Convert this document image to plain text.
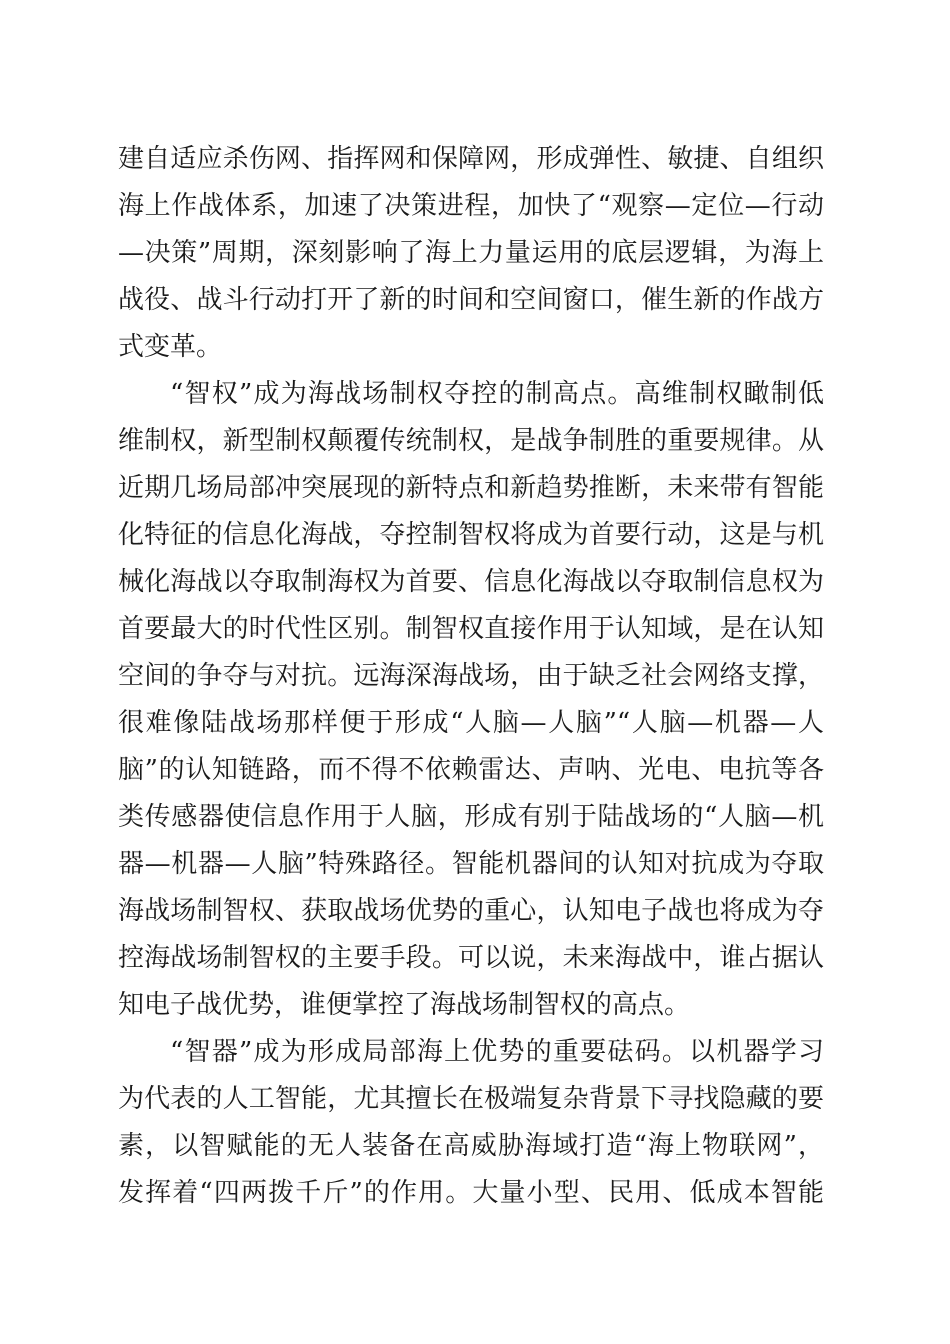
建自适应杀伤网、指挥网和保障网，形成弹性、敏捷、自组织
海上作战体系，加速了决策进程，加快了“观察—定位—行动
—决策”周期，深刻影响了海上力量运用的底层逻辑，为海上
战役、战斗行动打开了新的时间和空间窗口，催生新的作战方
式变革。
“智权”成为海战场制权夺控的制高点。高维制权瞰制低
维制权，新型制权颠覆传统制权，是战争制胜的重要规律。从
近期几场局部冲突展现的新特点和新趋势推断，未来带有智能
化特征的信息化海战，夺控制智权将成为首要行动，这是与机
械化海战以夺取制海权为首要、信息化海战以夺取制信息权为
首要最大的时代性区别。制智权直接作用于认知域，是在认知
空间的争夺与对抗。远海深海战场，由于缺乏社会网络支撑，
很难像陆战场那样便于形成“人脑—人脑”“人脑—机器—人
脑”的认知链路，而不得不依赖雷达、声呐、光电、电抗等各
类传感器使信息作用于人脑，形成有别于陆战场的“人脑—机
器—机器—人脑”特殊路径。智能机器间的认知对抗成为夺取
海战场制智权、获取战场优势的重心，认知电子战也将成为夺
控海战场制智权的主要手段。可以说，未来海战中，谁占据认
知电子战优势，谁便掌控了海战场制智权的高点。
“智器”成为形成局部海上优势的重要砝码。以机器学习
为代表的人工智能，尤其擅长在极端复杂背景下寻找隐藏的要
素，以智赋能的无人装备在高威胁海域打造“海上物联网”，
发挥着“四两拨千斤”的作用。大量小型、民用、低成本智能
